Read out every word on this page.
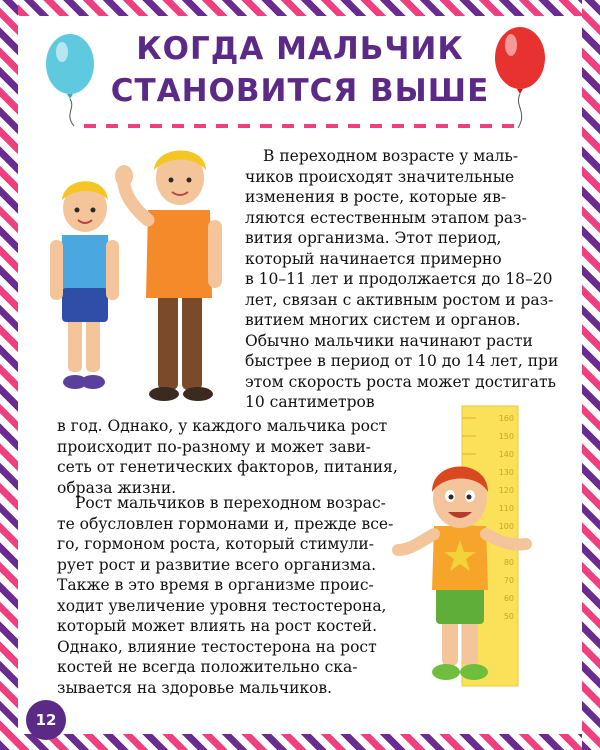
КОГДА МАЛЬЧИК
СТАНОВИТСЯ ВЫШЕ
160
150
140
130
120
110
100
90
80
70
60
50
В переходном возрасте у маль-
чиков происходят значительные
изменения в росте, которые яв-
ляются естественным этапом раз-
вития организма. Этот период,
который начинается примерно
в 10–11 лет и продолжается до 18–20
лет, связан с активным ростом и раз-
витием многих систем и органов.
Обычно мальчики начинают расти
быстрее в период от 10 до 14 лет, при
этом скорость роста может достигать
10 сантиметров
в год. Однако, у каждого мальчика рост
происходит по-разному и может зави-
сеть от генетических факторов, питания,
образа жизни.
Рост мальчиков в переходном возрас-
те обусловлен гормонами и, прежде все-
го, гормоном роста, который стимули-
рует рост и развитие всего организма.
Также в это время в организме проис-
ходит увеличение уровня тестостерона,
который может влиять на рост костей.
Однако, влияние тестостерона на рост
костей не всегда положительно ска-
зывается на здоровье мальчиков.
12
